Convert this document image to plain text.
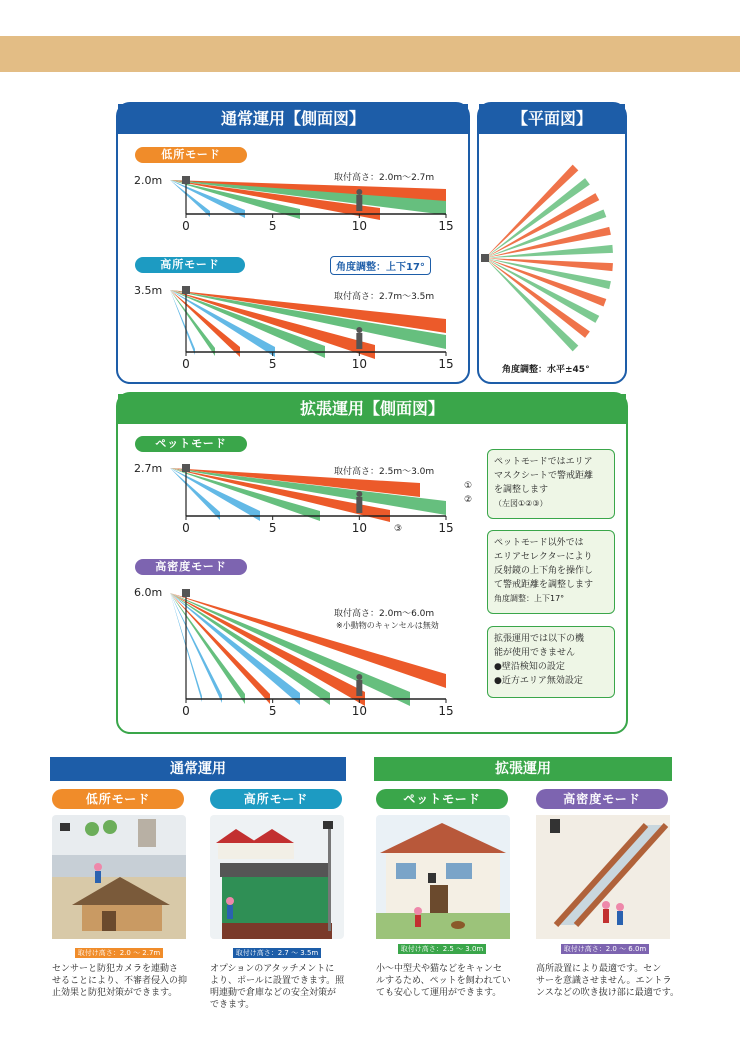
通常運用【側面図】
低所モード
0	5	10	15
2.0m	取付高さ：2.0m〜2.7m
高所モード	角度調整：上下17°
3.5m	取付高さ：2.7m〜3.5m
0	5	10	15
【平面図】
角度調整：水平±45°
拡張運用【側面図】
ペットモード
2.7m	取付高さ：2.5m〜3.0m
0	5	10	15
①
②
③
高密度モード
6.0m
取付高さ：2.0m〜6.0m
※小動物のキャンセルは無効
0	5	10	15
ペットモードではエリア
マスクシートで警戒距離
を調整します
（左図①②③）
ペットモード以外では
エリアセレクターにより
反射鏡の上下角を操作し
て警戒距離を調整します
角度調整：上下17°
拡張運用では以下の機
能が使用できません
●壁沿検知の設定
●近方エリア無効設定
通常運用	拡張運用
低所モード	高所モード	ペットモード	高密度モード
取付け高さ：2.0 〜 2.7m	取付け高さ：2.7 〜 3.5m	取付け高さ：2.5 〜 3.0m	取付け高さ：2.0 〜 6.0m
センサーと防犯カメラを連動さ
せることにより、不審者侵入の抑
止効果と防犯対策ができます。
オプションのアタッチメントに
より、ポールに設置できます。照
明連動で倉庫などの安全対策が
できます。
小〜中型犬や猫などをキャンセ
ルするため、ペットを飼われてい
ても安心して運用ができます。
高所設置により最適です。セン
サーを意識させません。エントラ
ンスなどの吹き抜け部に最適です。
